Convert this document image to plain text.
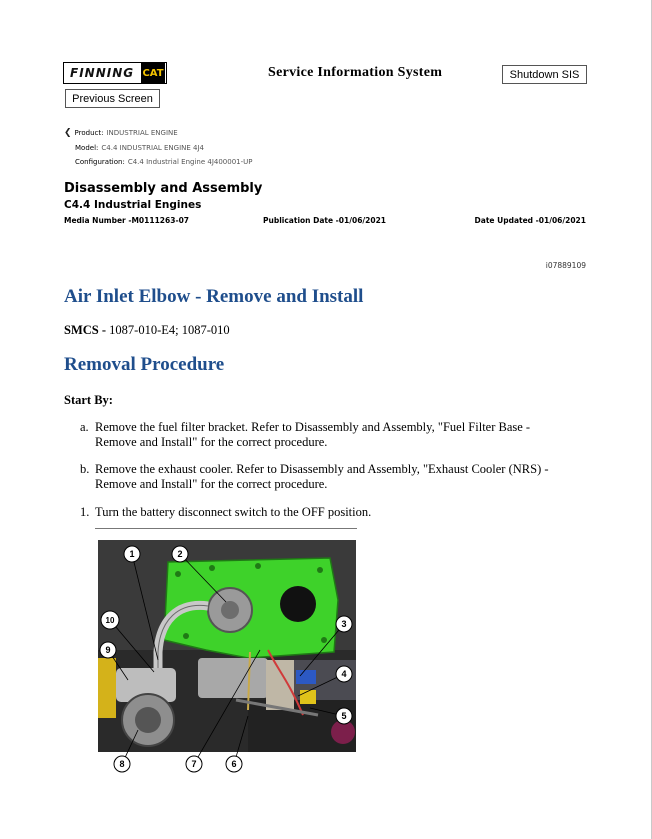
FINNING CAT	Service Information System	Shutdown SIS
Previous Screen
❮ Product: INDUSTRIAL ENGINE
Model: C4.4 INDUSTRIAL ENGINE 4J4
Configuration: C4.4 Industrial Engine 4J400001-UP
Disassembly and Assembly
C4.4 Industrial Engines
Media Number -M0111263-07	Publication Date -01/06/2021	Date Updated -01/06/2021
i07889109
Air Inlet Elbow - Remove and Install
SMCS - 1087-010-E4; 1087-010
Removal Procedure
Start By:
a. Remove the fuel filter bracket. Refer to Disassembly and Assembly, "Fuel Filter Base - Remove and Install" for the correct procedure.
b. Remove the exhaust cooler. Refer to Disassembly and Assembly, "Exhaust Cooler (NRS) - Remove and Install" for the correct procedure.
1. Turn the battery disconnect switch to the OFF position.
1	2
3
4
5
6
7
8
9
10
